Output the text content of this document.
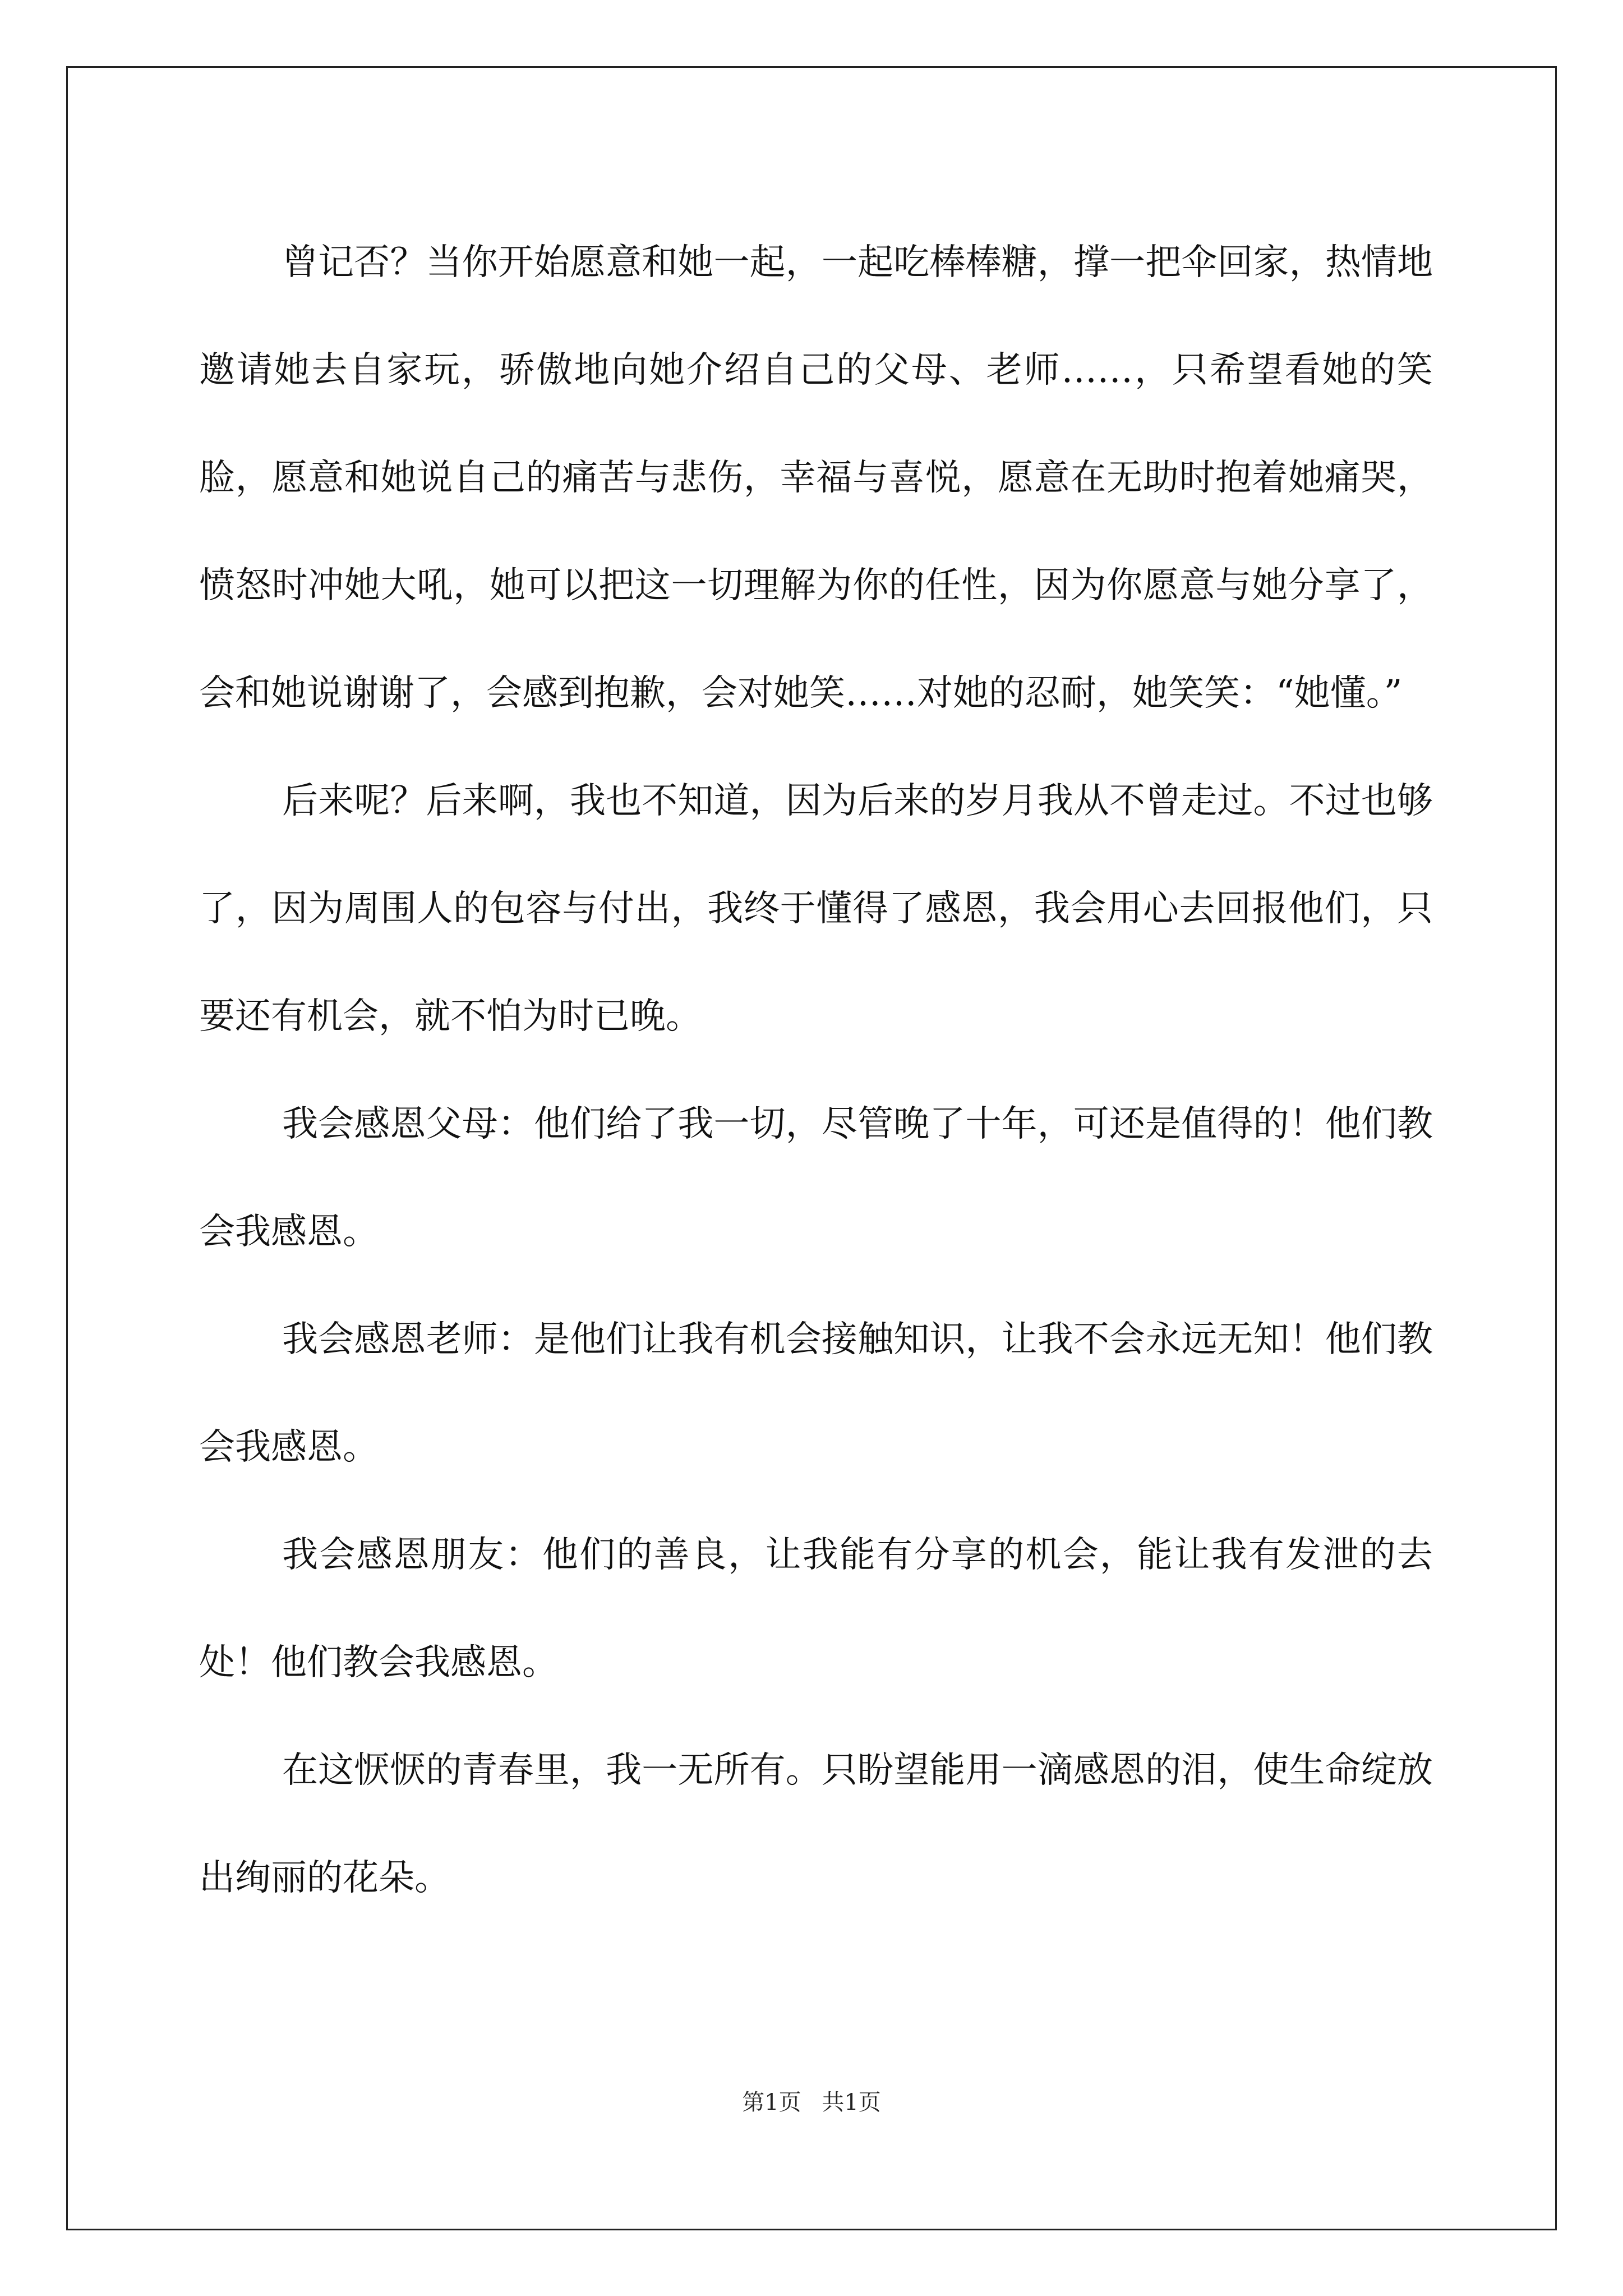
曾记否？当你开始愿意和她一起，一起吃棒棒糖，撑一把伞回家，热情地邀请她去自家玩，骄傲地向她介绍自己的父母、老师……，只希望看她的笑脸，愿意和她说自己的痛苦与悲伤，幸福与喜悦，愿意在无助时抱着她痛哭，愤怒时冲她大吼，她可以把这一切理解为你的任性，因为你愿意与她分享了，会和她说谢谢了，会感到抱歉，会对她笑……对她的忍耐，她笑笑：“她懂。”

后来呢？后来啊，我也不知道，因为后来的岁月我从不曾走过。不过也够了，因为周围人的包容与付出，我终于懂得了感恩，我会用心去回报他们，只要还有机会，就不怕为时已晚。

我会感恩父母：他们给了我一切，尽管晚了十年，可还是值得的！他们教会我感恩。

我会感恩老师：是他们让我有机会接触知识，让我不会永远无知！他们教会我感恩。

我会感恩朋友：他们的善良，让我能有分享的机会，能让我有发泄的去处！他们教会我感恩。

在这恹恹的青春里，我一无所有。只盼望能用一滴感恩的泪，使生命绽放出绚丽的花朵。

第1页 共1页
